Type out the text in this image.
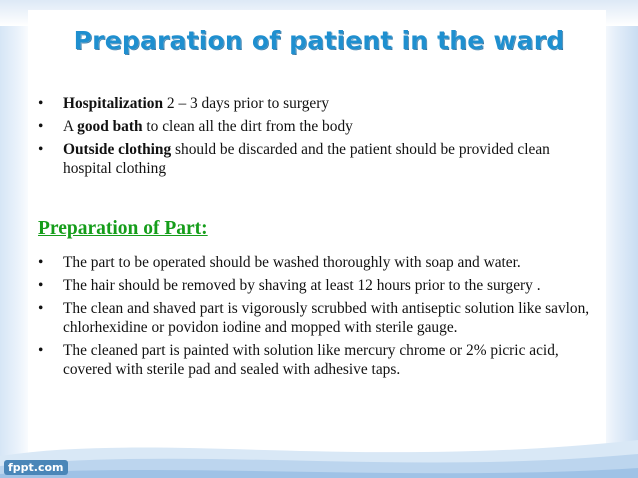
Preparation of patient in the ward
• Hospitalization 2 – 3 days prior to surgery
• A good bath to clean all the dirt from the body
• Outside clothing should be discarded and the patient should be provided clean hospital clothing
Preparation of Part:
• The part to be operated should be washed thoroughly with soap and water.
• The hair should be removed by shaving at least 12 hours prior to the surgery .
• The clean and shaved part is vigorously scrubbed with antiseptic solution like savlon, chlorhexidine or povidon iodine and mopped with sterile gauge.
• The cleaned part is painted with solution like mercury chrome or 2% picric acid, covered with sterile pad and sealed with adhesive taps.
fppt.com
